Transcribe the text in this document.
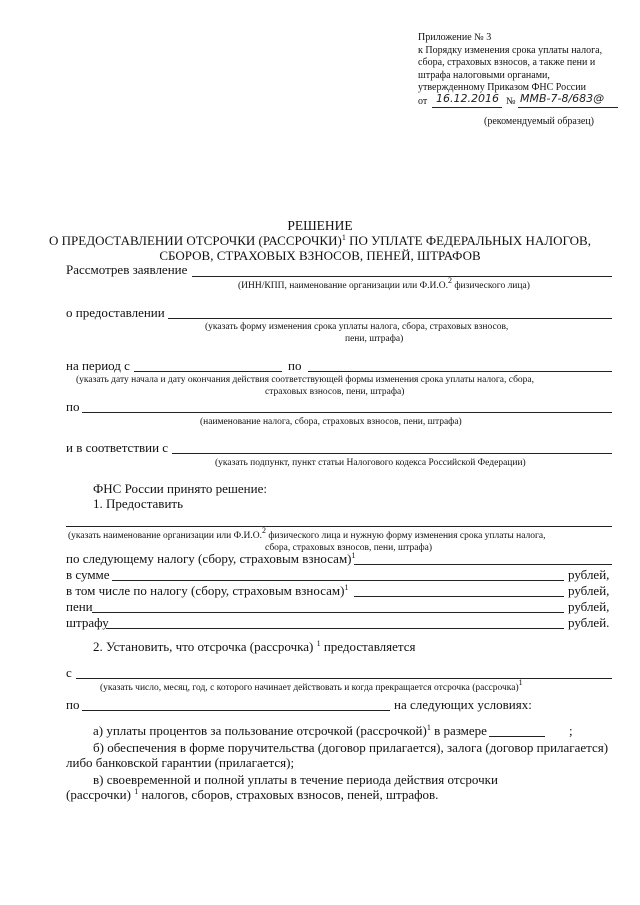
Приложение № 3
к Порядку изменения срока уплаты налога,
сбора, страховых взносов, а также пени и
штрафа налоговыми органами,
утвержденному Приказом ФНС России
от 16.12.2016 № ММВ-7-8/683@
(рекомендуемый образец)
РЕШЕНИЕ
О ПРЕДОСТАВЛЕНИИ ОТСРОЧКИ (РАССРОЧКИ)$^1$ ПО УПЛАТЕ ФЕДЕРАЛЬНЫХ НАЛОГОВ,
СБОРОВ, СТРАХОВЫХ ВЗНОСОВ, ПЕНЕЙ, ШТРАФОВ
Рассмотрев заявление
(ИНН/КПП, наименование организации или Ф.И.О.$^2$ физического лица)
о предоставлении
(указать форму изменения срока уплаты налога, сбора, страховых взносов,
пени, штрафа)
на период с	по
(указать дату начала и дату окончания действия соответствующей формы изменения срока уплаты налога, сбора,
страховых взносов, пени, штрафа)
по
(наименование налога, сбора, страховых взносов, пени, штрафа)
и в соответствии с
(указать подпункт, пункт статьи Налогового кодекса Российской Федерации)
ФНС России принято решение:
1. Предоставить
(указать наименование организации или Ф.И.О.$^2$ физического лица и нужную форму изменения срока уплаты налога,
сбора, страховых взносов, пени, штрафа)
по следующему налогу (сбору, страховым взносам)$^1$
в сумме	рублей,
в том числе по налогу (сбору, страховым взносам)$^1$	рублей,
пени	рублей,
штрафу	рублей.
2. Установить, что отсрочка (рассрочка) $^1$ предоставляется
с
(указать число, месяц, год, с которого начинает действовать и когда прекращается отсрочка (рассрочка)$^1$
по	на следующих условиях:
а) уплаты процентов за пользование отсрочкой (рассрочкой)$^1$ в размере	;
б) обеспечения в форме поручительства (договор прилагается), залога (договор прилагается)
либо банковской гарантии (прилагается);
в) своевременной и полной уплаты в течение периода действия отсрочки
(рассрочки) $^1$ налогов, сборов, страховых взносов, пеней, штрафов.
